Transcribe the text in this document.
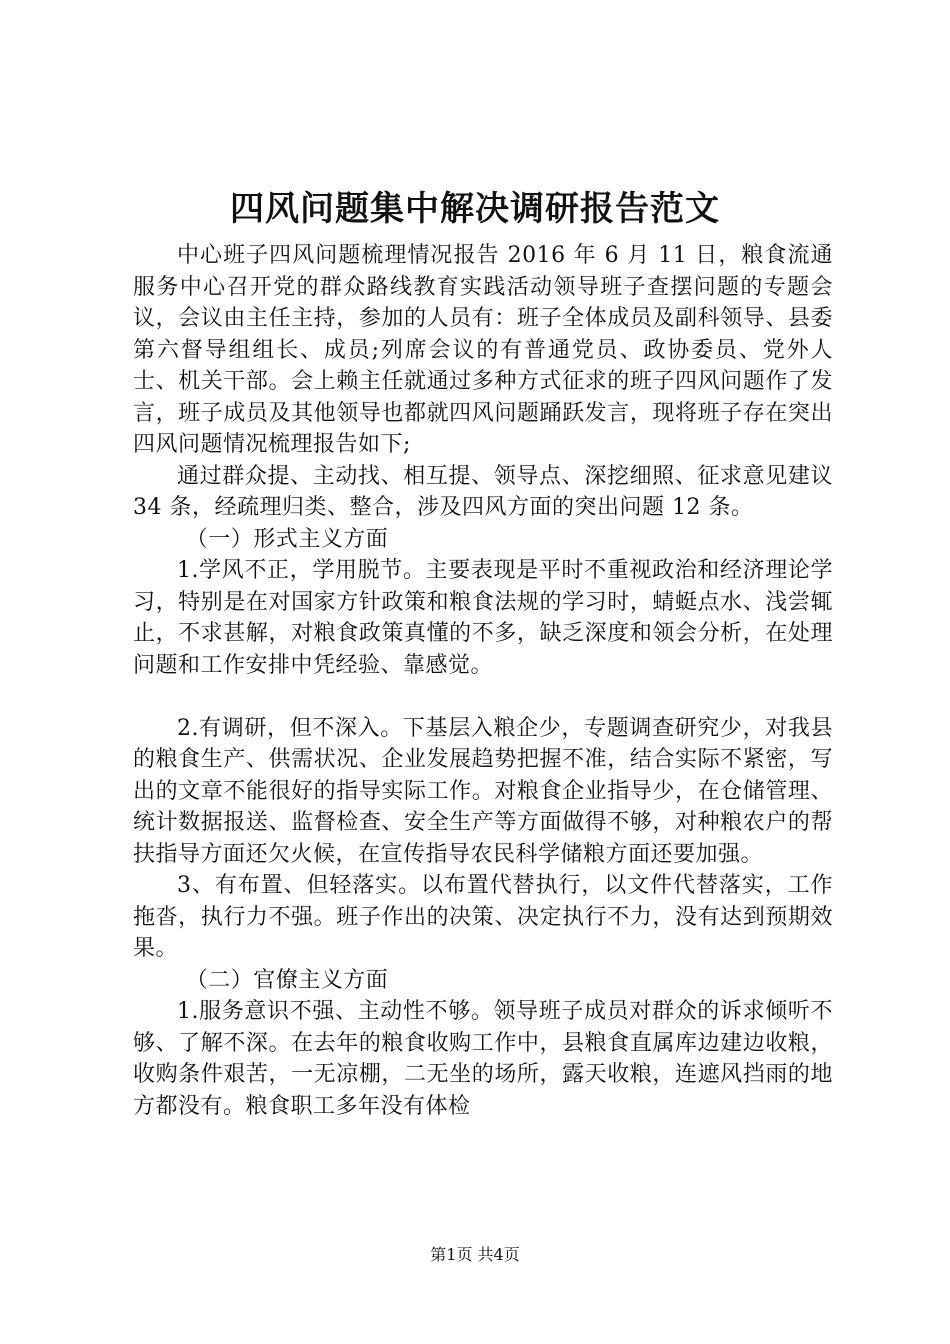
四风问题集中解决调研报告范文

中心班子四风问题梳理情况报告 2016 年 6 月 11 日，粮食流通服务中心召开党的群众路线教育实践活动领导班子查摆问题的专题会议，会议由主任主持，参加的人员有：班子全体成员及副科领导、县委第六督导组组长、成员;列席会议的有普通党员、政协委员、党外人士、机关干部。会上赖主任就通过多种方式征求的班子四风问题作了发言，班子成员及其他领导也都就四风问题踊跃发言，现将班子存在突出四风问题情况梳理报告如下;

通过群众提、主动找、相互提、领导点、深挖细照、征求意见建议 34 条，经疏理归类、整合，涉及四风方面的突出问题 12 条。

（一）形式主义方面

1.学风不正，学用脱节。主要表现是平时不重视政治和经济理论学习，特别是在对国家方针政策和粮食法规的学习时，蜻蜓点水、浅尝辄止，不求甚解，对粮食政策真懂的不多，缺乏深度和领会分析，在处理问题和工作安排中凭经验、靠感觉。

2.有调研，但不深入。下基层入粮企少，专题调查研究少，对我县的粮食生产、供需状况、企业发展趋势把握不准，结合实际不紧密，写出的文章不能很好的指导实际工作。对粮食企业指导少，在仓储管理、统计数据报送、监督检查、安全生产等方面做得不够，对种粮农户的帮扶指导方面还欠火候，在宣传指导农民科学储粮方面还要加强。

3、有布置、但轻落实。以布置代替执行，以文件代替落实，工作拖沓，执行力不强。班子作出的决策、决定执行不力，没有达到预期效果。

（二）官僚主义方面

1.服务意识不强、主动性不够。领导班子成员对群众的诉求倾听不够、了解不深。在去年的粮食收购工作中，县粮食直属库边建边收粮，收购条件艰苦，一无凉棚，二无坐的场所，露天收粮，连遮风挡雨的地方都没有。粮食职工多年没有体检

第1页 共4页
